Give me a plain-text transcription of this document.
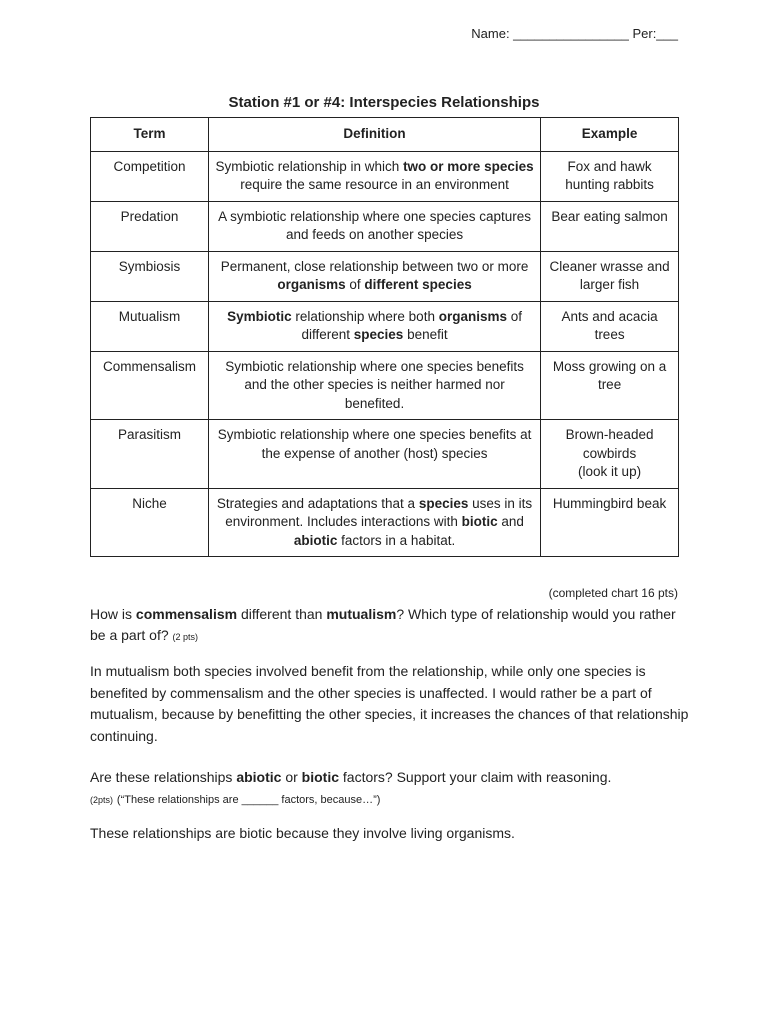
Name: ________________ Per:___
Station #1 or #4: Interspecies Relationships
Term	Definition	Example
Competition	Symbiotic relationship in which two or more species require the same resource in an environment	Fox and hawk hunting rabbits
Predation	A symbiotic relationship where one species captures and feeds on another species	Bear eating salmon
Symbiosis	Permanent, close relationship between two or more organisms of different species	Cleaner wrasse and larger fish
Mutualism	Symbiotic relationship where both organisms of different species benefit	Ants and acacia trees
Commensalism	Symbiotic relationship where one species benefits and the other species is neither harmed nor benefited.	Moss growing on a tree
Parasitism	Symbiotic relationship where one species benefits at the expense of another (host) species	Brown-headed cowbirds
(look it up)
Niche	Strategies and adaptations that a species uses in its environment. Includes interactions with biotic and abiotic factors in a habitat.	Hummingbird beak
(completed chart 16 pts)
How is commensalism different than mutualism? Which type of relationship would you rather be a part of? (2 pts)
In mutualism both species involved benefit from the relationship, while only one species is benefited by commensalism and the other species is unaffected. I would rather be a part of mutualism, because by benefitting the other species, it increases the chances of that relationship continuing.
Are these relationships abiotic or biotic factors? Support your claim with reasoning.
(2pts) (“These relationships are ______ factors, because…”)
These relationships are biotic because they involve living organisms.
